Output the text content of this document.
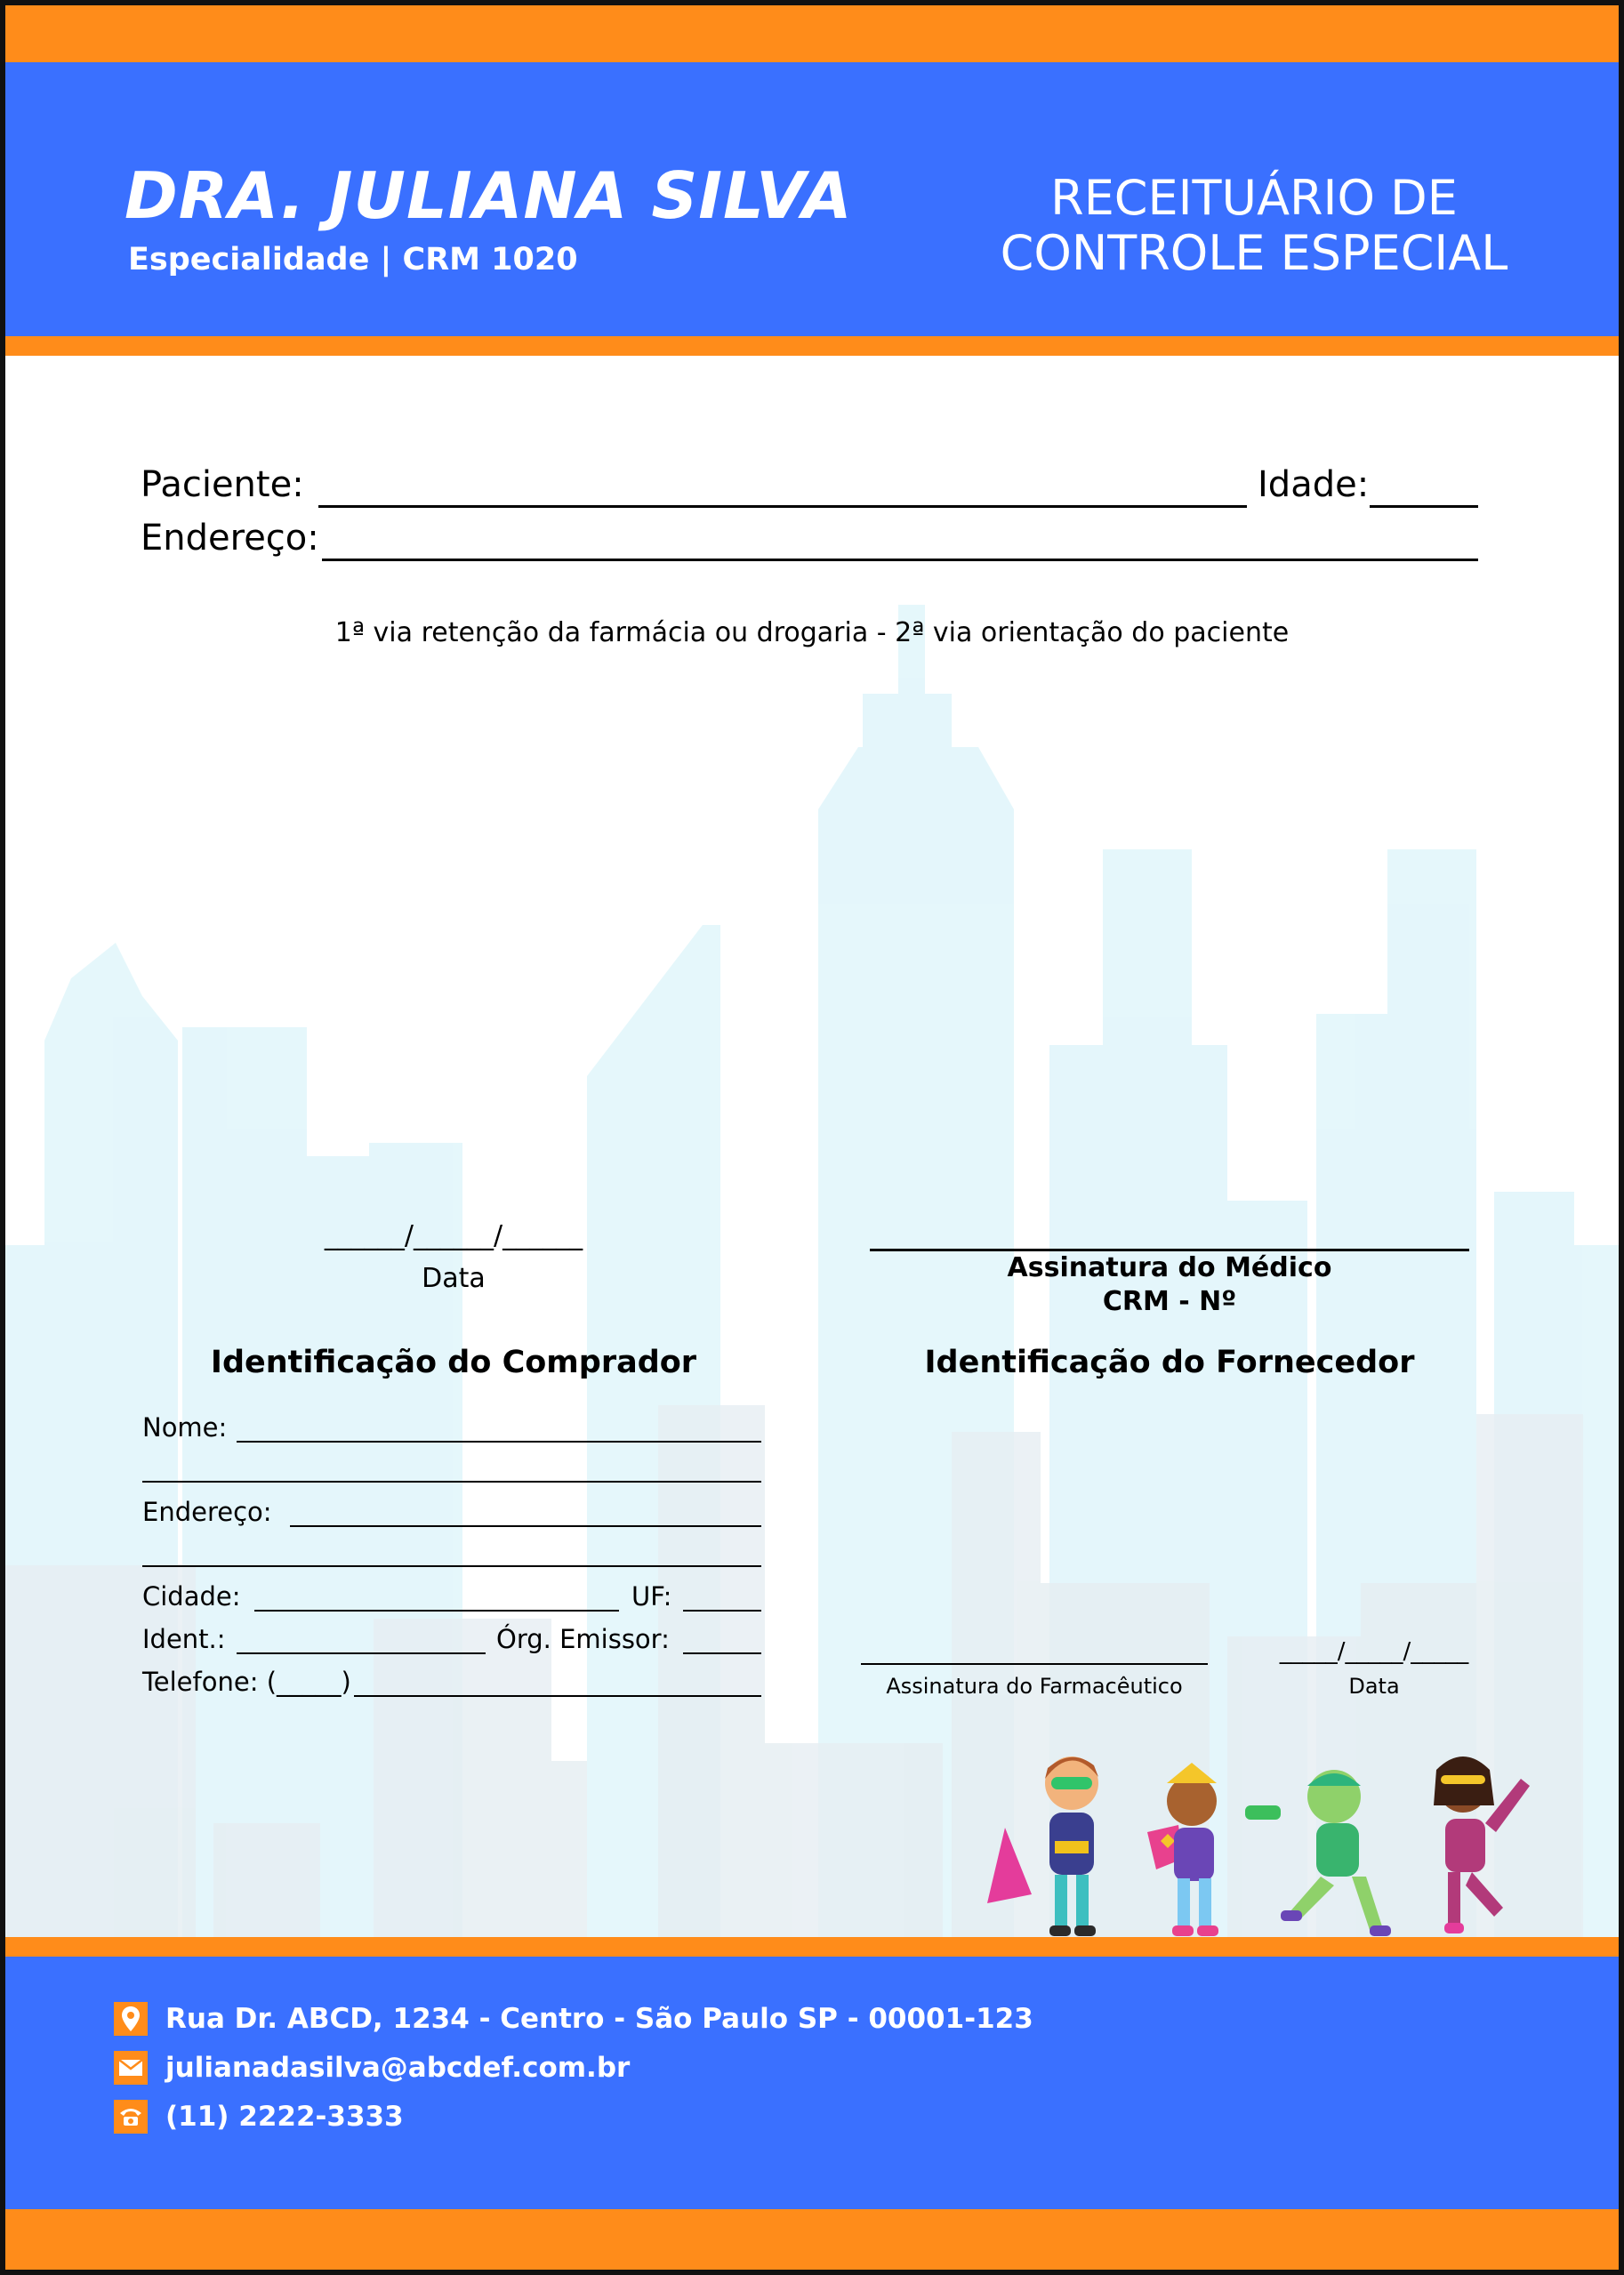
DRA. JULIANA SILVA
Especialidade | CRM 1020
RECEITUÁRIO DE
CONTROLE ESPECIAL
Paciente:	Idade:
Endereço:
1ª via retenção da farmácia ou drogaria - 2ª via orientação do paciente
______/______/______
Data	Assinatura do Médico
CRM - Nº
Identificação do Comprador
Nome:
Endereço:
Cidade:	UF:
Ident.:	Órg. Emissor:
Telefone: (_____)
Identificação do Fornecedor
Assinatura do Farmacêutico
_____/_____/_____
Data
Rua Dr. ABCD, 1234 - Centro - São Paulo SP - 00001-123
julianadasilva@abcdef.com.br
(11) 2222-3333
